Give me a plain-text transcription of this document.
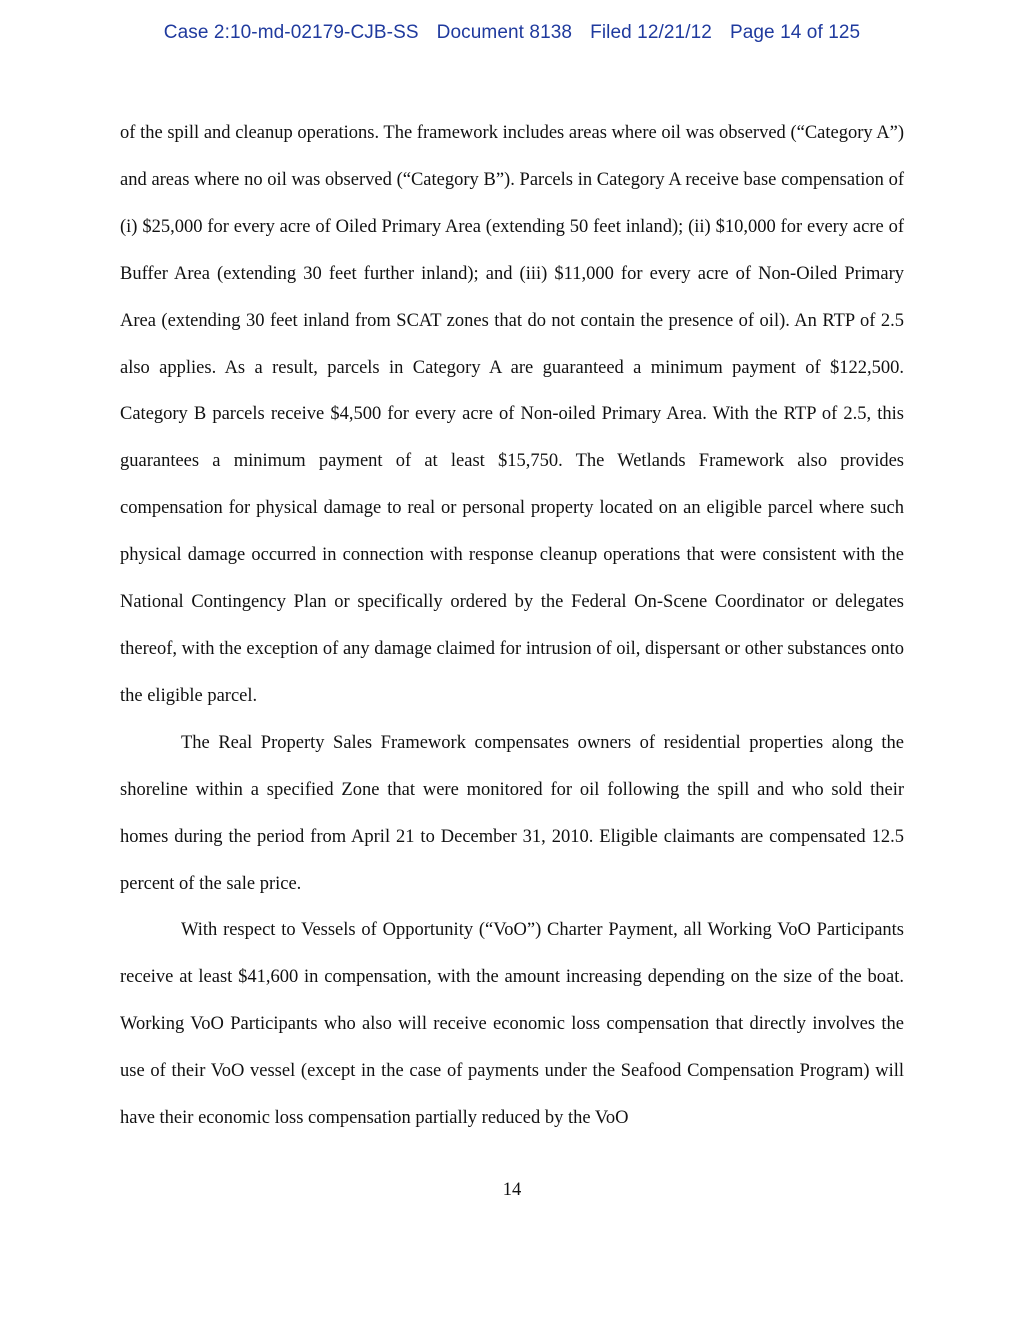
Case 2:10-md-02179-CJB-SS Document 8138 Filed 12/21/12 Page 14 of 125

of the spill and cleanup operations. The framework includes areas where oil was observed (“Category A”) and areas where no oil was observed (“Category B”). Parcels in Category A receive base compensation of (i) $25,000 for every acre of Oiled Primary Area (extending 50 feet inland); (ii) $10,000 for every acre of Buffer Area (extending 30 feet further inland); and (iii) $11,000 for every acre of Non-Oiled Primary Area (extending 30 feet inland from SCAT zones that do not contain the presence of oil). An RTP of 2.5 also applies. As a result, parcels in Category A are guaranteed a minimum payment of $122,500. Category B parcels receive $4,500 for every acre of Non-oiled Primary Area. With the RTP of 2.5, this guarantees a minimum payment of at least $15,750. The Wetlands Framework also provides compensation for physical damage to real or personal property located on an eligible parcel where such physical damage occurred in connection with response cleanup operations that were consistent with the National Contingency Plan or specifically ordered by the Federal On-Scene Coordinator or delegates thereof, with the exception of any damage claimed for intrusion of oil, dispersant or other substances onto the eligible parcel.

The Real Property Sales Framework compensates owners of residential properties along the shoreline within a specified Zone that were monitored for oil following the spill and who sold their homes during the period from April 21 to December 31, 2010. Eligible claimants are compensated 12.5 percent of the sale price.

With respect to Vessels of Opportunity (“VoO”) Charter Payment, all Working VoO Participants receive at least $41,600 in compensation, with the amount increasing depending on the size of the boat. Working VoO Participants who also will receive economic loss compensation that directly involves the use of their VoO vessel (except in the case of payments under the Seafood Compensation Program) will have their economic loss compensation partially reduced by the VoO

14
